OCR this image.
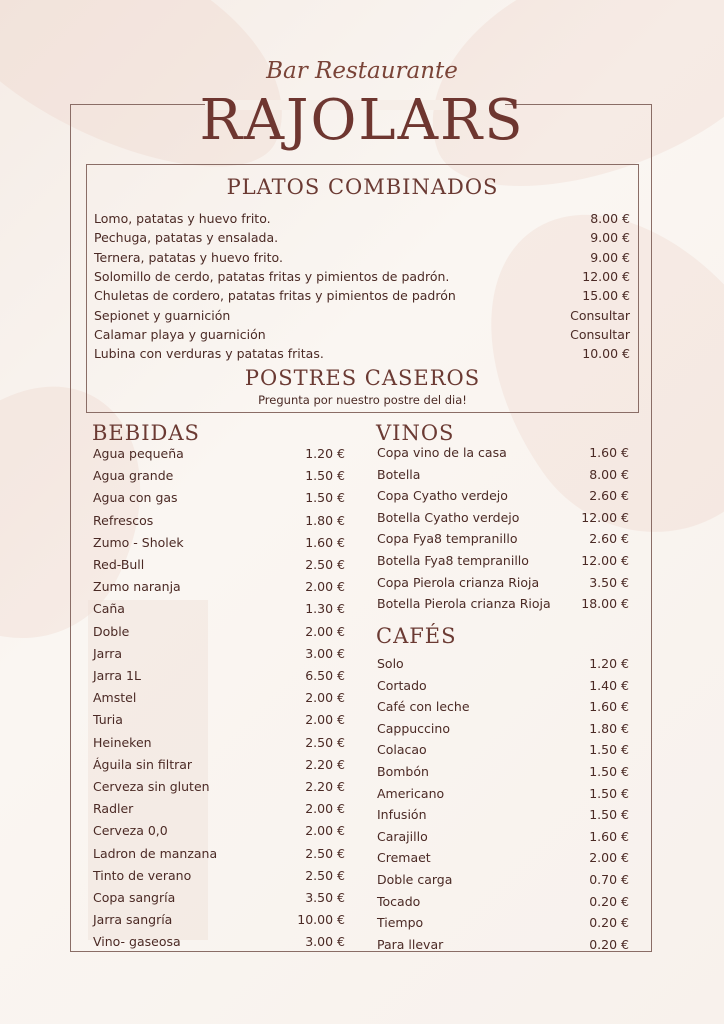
Bar Restaurante
RAJOLARS
PLATOS COMBINADOS
Lomo, patatas y huevo frito.	8.00 €
Pechuga, patatas y ensalada.	9.00 €
Ternera, patatas y huevo frito.	9.00 €
Solomillo de cerdo, patatas fritas y pimientos de padrón.	12.00 €
Chuletas de cordero, patatas fritas y pimientos de padrón	15.00 €
Sepionet y guarnición	Consultar
Calamar playa y guarnición	Consultar
Lubina con verduras y patatas fritas.	10.00 €
POSTRES CASEROS
Pregunta por nuestro postre del dia!
BEBIDAS
Agua pequeña	1.20 €
Agua grande	1.50 €
Agua con gas	1.50 €
Refrescos	1.80 €
Zumo - Sholek	1.60 €
Red-Bull	2.50 €
Zumo naranja	2.00 €
Caña	1.30 €
Doble	2.00 €
Jarra	3.00 €
Jarra 1L	6.50 €
Amstel	2.00 €
Turia	2.00 €
Heineken	2.50 €
Águila sin filtrar	2.20 €
Cerveza sin gluten	2.20 €
Radler	2.00 €
Cerveza 0,0	2.00 €
Ladron de manzana	2.50 €
Tinto de verano	2.50 €
Copa sangría	3.50 €
Jarra sangría	10.00 €
Vino- gaseosa	3.00 €
VINOS
Copa vino de la casa	1.60 €
Botella	8.00 €
Copa Cyatho verdejo	2.60 €
Botella Cyatho verdejo	12.00 €
Copa Fya8 tempranillo	2.60 €
Botella Fya8 tempranillo	12.00 €
Copa Pierola crianza Rioja	3.50 €
Botella Pierola crianza Rioja 18.00 €
CAFÉS
Solo	1.20 €
Cortado	1.40 €
Café con leche	1.60 €
Cappuccino	1.80 €
Colacao	1.50 €
Bombón	1.50 €
Americano	1.50 €
Infusión	1.50 €
Carajillo	1.60 €
Cremaet	2.00 €
Doble carga	0.70 €
Tocado	0.20 €
Tiempo	0.20 €
Para llevar	0.20 €
